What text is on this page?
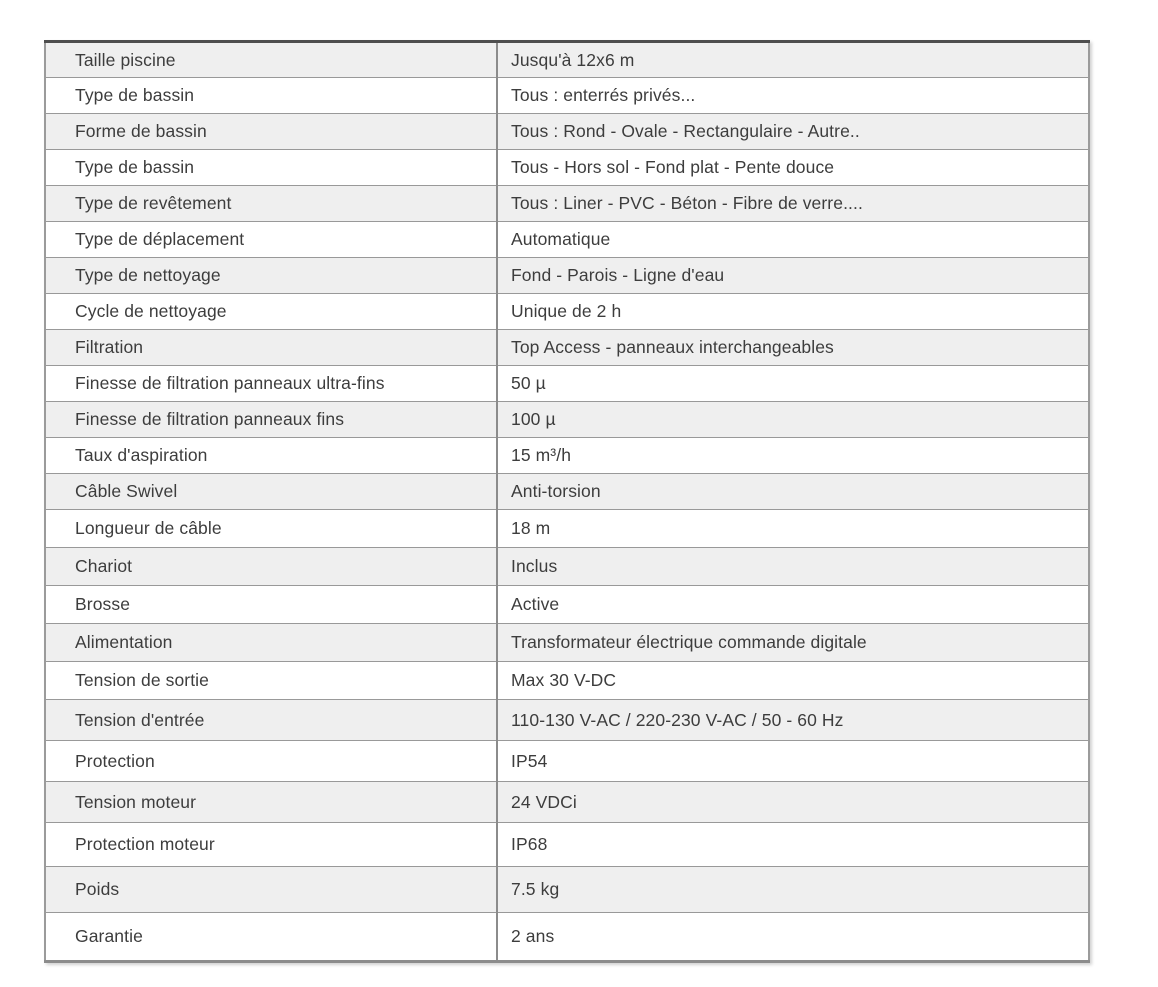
Taille piscine	Jusqu'à 12x6 m
Type de bassin	Tous : enterrés privés...
Forme de bassin	Tous : Rond - Ovale - Rectangulaire - Autre..
Type de bassin	Tous - Hors sol - Fond plat - Pente douce
Type de revêtement	Tous : Liner - PVC - Béton - Fibre de verre....
Type de déplacement	Automatique
Type de nettoyage	Fond - Parois - Ligne d'eau
Cycle de nettoyage	Unique de 2 h
Filtration	Top Access - panneaux interchangeables
Finesse de filtration panneaux ultra-fins	50 µ
Finesse de filtration panneaux fins	100 µ
Taux d'aspiration	15 m³/h
Câble Swivel	Anti-torsion
Longueur de câble	18 m
Chariot	Inclus
Brosse	Active
Alimentation	Transformateur électrique commande digitale
Tension de sortie	Max 30 V-DC
Tension d'entrée	110-130 V-AC / 220-230 V-AC / 50 - 60 Hz
Protection	IP54
Tension moteur	24 VDCi
Protection moteur	IP68
Poids	7.5 kg
Garantie	2 ans
